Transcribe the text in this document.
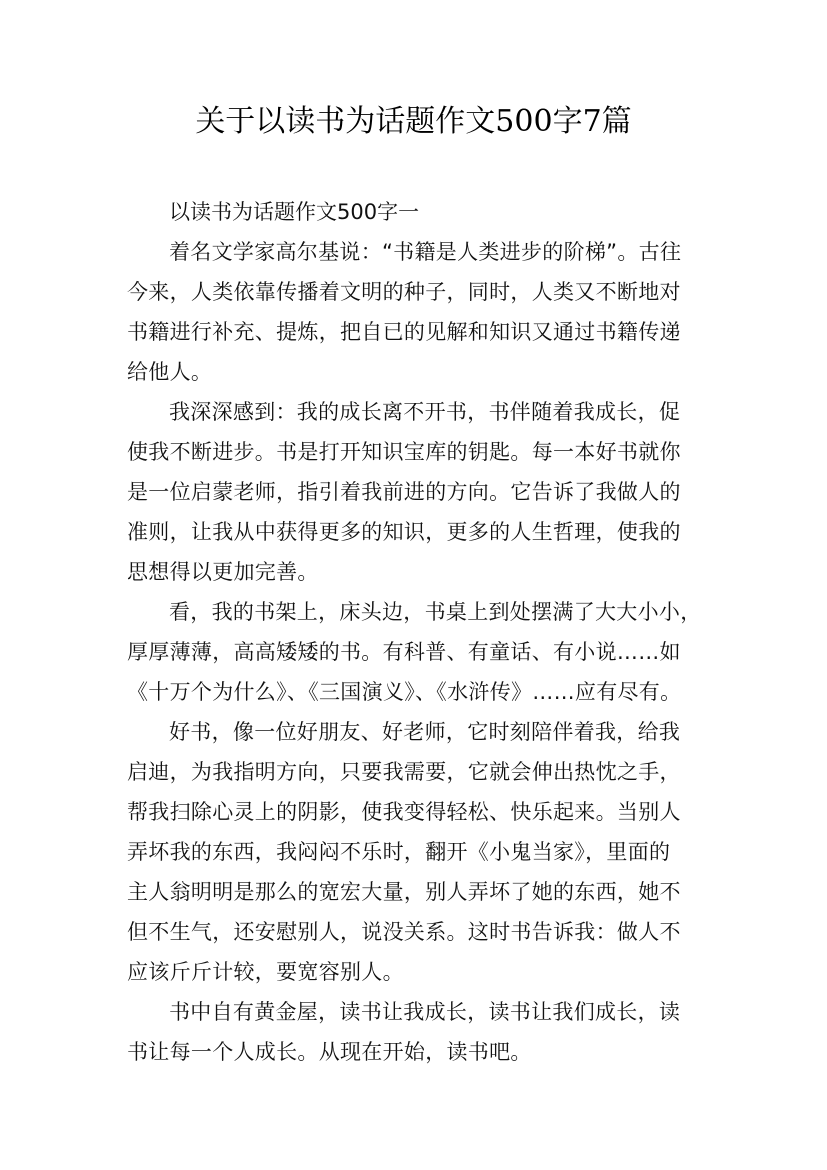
关于以读书为话题作文500字7篇
以读书为话题作文500字一
着名文学家高尔基说：“书籍是人类进步的阶梯”。古往
今来，人类依靠传播着文明的种子，同时，人类又不断地对
书籍进行补充、提炼，把自已的见解和知识又通过书籍传递
给他人。
我深深感到：我的成长离不开书，书伴随着我成长，促
使我不断进步。书是打开知识宝库的钥匙。每一本好书就你
是一位启蒙老师，指引着我前进的方向。它告诉了我做人的
准则，让我从中获得更多的知识，更多的人生哲理，使我的
思想得以更加完善。
看，我的书架上，床头边，书桌上到处摆满了大大小小，
厚厚薄薄，高高矮矮的书。有科普、有童话、有小说……如
《十万个为什么》、《三国演义》、《水浒传》……应有尽有。
好书，像一位好朋友、好老师，它时刻陪伴着我，给我
启迪，为我指明方向，只要我需要，它就会伸出热忱之手，
帮我扫除心灵上的阴影，使我变得轻松、快乐起来。当别人
弄坏我的东西，我闷闷不乐时，翻开《小鬼当家》，里面的
主人翁明明是那么的宽宏大量，别人弄坏了她的东西，她不
但不生气，还安慰别人，说没关系。这时书告诉我：做人不
应该斤斤计较，要宽容别人。
书中自有黄金屋，读书让我成长，读书让我们成长，读
书让每一个人成长。从现在开始，读书吧。
